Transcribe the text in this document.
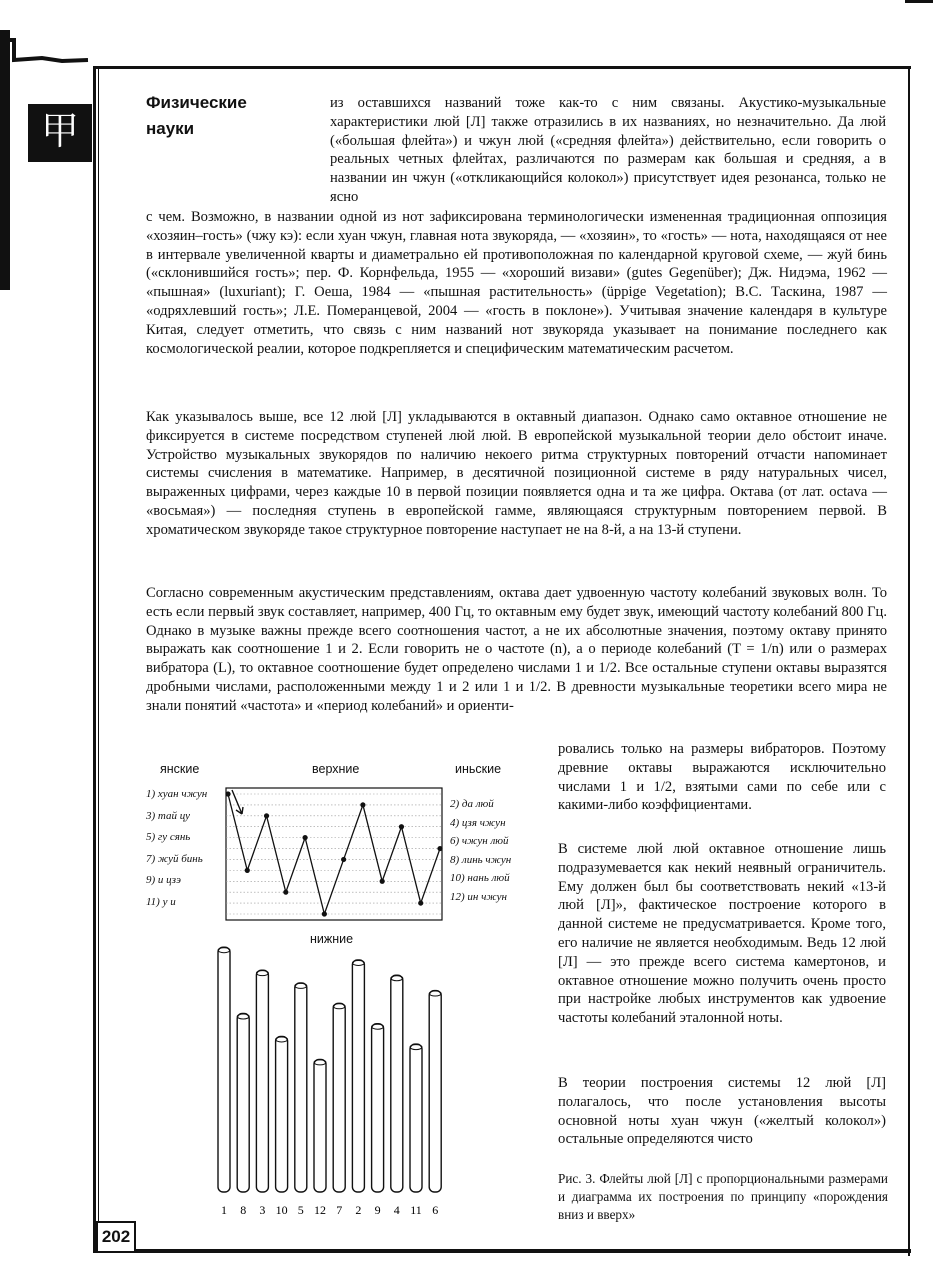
甲
Физические
науки

из оставшихся названий тоже как-то с ним связаны. Акустико-музыкальные характеристики люй [Л] также отразились в их названиях, но незначительно. Да люй («большая флейта») и чжун люй («средняя флейта») действительно, если говорить о реальных четных флейтах, различаются по размерам как большая и средняя, а в названии ин чжун («откликающийся колокол») присутствует идея резонанса, только не ясно

с чем. Возможно, в названии одной из нот зафиксирована терминологически измененная традиционная оппозиция «хозяин–гость» (чжу кэ): если хуан чжун, главная нота звукоряда, — «хозяин», то «гость» — нота, находящаяся от нее в интервале увеличенной кварты и диаметрально ей противоположная по календарной круговой схеме, — жуй бинь («склонившийся гость»; пер. Ф. Корнфельда, 1955 — «хороший визави» (gutes Gegenüber); Дж. Нидэма, 1962 — «пышная» (luxuriant); Г. Оеша, 1984 — «пышная растительность» (üppige Vegetation); В.С. Таскина, 1987 — «одряхлевший гость»; Л.Е. Померанцевой, 2004 — «гость в поклоне»). Учитывая значение календаря в культуре Китая, следует отметить, что связь с ним названий нот звукоряда указывает на понимание последнего как космологической реалии, которое подкрепляется и специфическим математическим расчетом.

Как указывалось выше, все 12 люй [Л] укладываются в октавный диапазон. Однако само октавное отношение не фиксируется в системе посредством ступеней люй люй. В европейской музыкальной теории дело обстоит иначе. Устройство музыкальных звукорядов по наличию некоего ритма структурных повторений отчасти напоминает системы счисления в математике. Например, в десятичной позиционной системе в ряду натуральных чисел, выраженных цифрами, через каждые 10 в первой позиции появляется одна и та же цифра. Октава (от лат. octava — «восьмая») — последняя ступень в европейской гамме, являющаяся структурным повторением первой. В хроматическом звукоряде такое структурное повторение наступает не на 8-й, а на 13-й ступени.

Согласно современным акустическим представлениям, октава дает удвоенную частоту колебаний звуковых волн. То есть если первый звук составляет, например, 400 Гц, то октавным ему будет звук, имеющий частоту колебаний 800 Гц. Однако в музыке важны прежде всего соотношения частот, а не их абсолютные значения, поэтому октаву принято выражать как соотношение 1 и 2. Если говорить не о частоте (n), а о периоде колебаний (T = 1/n) или о размерах вибратора (L), то октавное соотношение будет определено числами 1 и 1/2. Все остальные ступени октавы выразятся дробными числами, расположенными между 1 и 2 или 1 и 1/2. В древности музыкальные теоретики всего мира не знали понятий «частота» и «период колебаний» и ориенти-

ровались только на размеры вибраторов. Поэтому древние октавы выражаются исключительно числами 1 и 1/2, взятыми сами по себе или с какими-либо коэффициентами.

В системе люй люй октавное отношение лишь подразумевается как некий неявный ограничитель. Ему должен был бы соответствовать некий «13-й люй [Л]», фактическое построение которого в данной системе не предусматривается. Кроме того, его наличие не является необходимым. Ведь 12 люй [Л] — это прежде всего система камертонов, и октавное отношение можно получить очень просто при настройке любых инструментов как удвоение частоты колебаний эталонной ноты.

В теории построения системы 12 люй [Л] полагалось, что после установления высоты основной ноты хуан чжун («желтый колокол») остальные определяются чисто

янские	верхние	иньские
нижние
1 8 3 10 5 12 7 2 9 4 11 6
Рис. 3. Флейты люй [Л] с пропорциональными размерами и диаграмма их построения по принципу «порождения вниз и вверх»
202
1) хуан чжун
3) тай цу
5) гу сянь
7) жуй бинь
9) и цзэ
11) у и
2) да люй
4) цзя чжун
6) чжун люй
8) линь чжун
10) нань люй
12) ин чжун
